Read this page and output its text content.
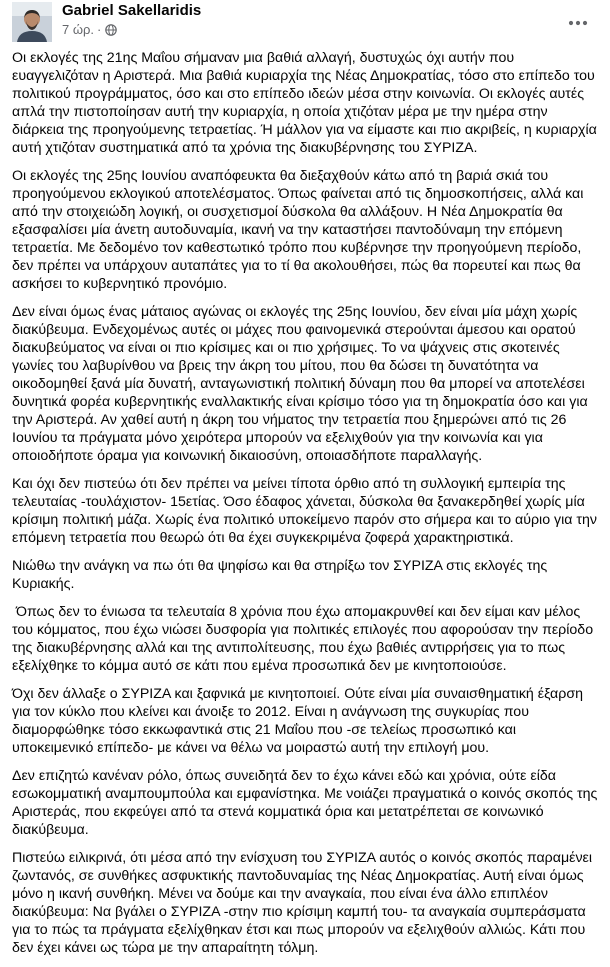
Gabriel Sakellaridis
7 ώρ. ·

Οι εκλογές της 21ης Μαΐου σήμαναν μια βαθιά αλλαγή, δυστυχώς όχι αυτήν που ευαγγελιζόταν η Αριστερά. Μια βαθιά κυριαρχία της Νέας Δημοκρατίας, τόσο στο επίπεδο του πολιτικού προγράμματος, όσο και στο επίπεδο ιδεών μέσα στην κοινωνία. Οι εκλογές αυτές απλά την πιστοποίησαν αυτή την κυριαρχία, η οποία χτιζόταν μέρα με την ημέρα στην διάρκεια της προηγούμενης τετραετίας. Ή μάλλον για να είμαστε και πιο ακριβείς, η κυριαρχία αυτή χτιζόταν συστηματικά από τα χρόνια της διακυβέρνησης του ΣΥΡΙΖΑ.

Οι εκλογές της 25ης Ιουνίου αναπόφευκτα θα διεξαχθούν κάτω από τη βαριά σκιά του προηγούμενου εκλογικού αποτελέσματος. Όπως φαίνεται από τις δημοσκοπήσεις, αλλά και από την στοιχειώδη λογική, οι συσχετισμοί δύσκολα θα αλλάξουν. Η Νέα Δημοκρατία θα εξασφαλίσει μία άνετη αυτοδυναμία, ικανή να την καταστήσει παντοδύναμη την επόμενη τετραετία. Με δεδομένο τον καθεστωτικό τρόπο που κυβέρνησε την προηγούμενη περίοδο, δεν πρέπει να υπάρχουν αυταπάτες για το τί θα ακολουθήσει, πώς θα πορευτεί και πως θα ασκήσει το κυβερνητικό προνόμιο.

Δεν είναι όμως ένας μάταιος αγώνας οι εκλογές της 25ης Ιουνίου, δεν είναι μία μάχη χωρίς διακύβευμα. Ενδεχομένως αυτές οι μάχες που φαινομενικά στερούνται άμεσου και ορατού διακυβεύματος να είναι οι πιο κρίσιμες και οι πιο χρήσιμες. Το να ψάχνεις στις σκοτεινές γωνίες του λαβυρίνθου να βρεις την άκρη του μίτου, που θα δώσει τη δυνατότητα να οικοδομηθεί ξανά μία δυνατή, ανταγωνιστική πολιτική δύναμη που θα μπορεί να αποτελέσει δυνητικά φορέα κυβερνητικής εναλλακτικής είναι κρίσιμο τόσο για τη δημοκρατία όσο και για την Αριστερά. Αν χαθεί αυτή η άκρη του νήματος την τετραετία που ξημερώνει από τις 26 Ιουνίου τα πράγματα μόνο χειρότερα μπορούν να εξελιχθούν για την κοινωνία και για οποιοδήποτε όραμα για κοινωνική δικαιοσύνη, οποιασδήποτε παραλλαγής.

Και όχι δεν πιστεύω ότι δεν πρέπει να μείνει τίποτα όρθιο από τη συλλογική εμπειρία της τελευταίας -τουλάχιστον- 15ετίας. Όσο έδαφος χάνεται, δύσκολα θα ξανακερδηθεί χωρίς μία κρίσιμη πολιτική μάζα. Χωρίς ένα πολιτικό υποκείμενο παρόν στο σήμερα και το αύριο για την επόμενη τετραετία που θεωρώ ότι θα έχει συγκεκριμένα ζοφερά χαρακτηριστικά.

Νιώθω την ανάγκη να πω ότι θα ψηφίσω και θα στηρίξω τον ΣΥΡΙΖΑ στις εκλογές της Κυριακής.

Όπως δεν το ένιωσα τα τελευταία 8 χρόνια που έχω απομακρυνθεί και δεν είμαι καν μέλος του κόμματος, που έχω νιώσει δυσφορία για πολιτικές επιλογές που αφορούσαν την περίοδο της διακυβέρνησης αλλά και της αντιπολίτευσης, που έχω βαθιές αντιρρήσεις για το πως εξελίχθηκε το κόμμα αυτό σε κάτι που εμένα προσωπικά δεν με κινητοποιούσε.

Όχι δεν άλλαξε ο ΣΥΡΙΖΑ και ξαφνικά με κινητοποιεί. Ούτε είναι μία συναισθηματική έξαρση για τον κύκλο που κλείνει και άνοιξε το 2012. Είναι η ανάγνωση της συγκυρίας που διαμορφώθηκε τόσο εκκωφαντικά στις 21 Μαΐου που -σε τελείως προσωπικό και υποκειμενικό επίπεδο- με κάνει να θέλω να μοιραστώ αυτή την επιλογή μου.

Δεν επιζητώ κανέναν ρόλο, όπως συνειδητά δεν το έχω κάνει εδώ και χρόνια, ούτε είδα εσωκομματική αναμπουμπούλα και εμφανίστηκα. Με νοιάζει πραγματικά ο κοινός σκοπός της Αριστεράς, που εκφεύγει από τα στενά κομματικά όρια και μετατρέπεται σε κοινωνικό διακύβευμα.

Πιστεύω ειλικρινά, ότι μέσα από την ενίσχυση του ΣΥΡΙΖΑ αυτός ο κοινός σκοπός παραμένει ζωντανός, σε συνθήκες ασφυκτικής παντοδυναμίας της Νέας Δημοκρατίας. Αυτή είναι όμως μόνο η ικανή συνθήκη. Μένει να δούμε και την αναγκαία, που είναι ένα άλλο επιπλέον διακύβευμα: Να βγάλει ο ΣΥΡΙΖΑ -στην πιο κρίσιμη καμπή του- τα αναγκαία συμπεράσματα για το πώς τα πράγματα εξελίχθηκαν έτσι και πως μπορούν να εξελιχθούν αλλιώς. Κάτι που δεν έχει κάνει ως τώρα με την απαραίτητη τόλμη.
